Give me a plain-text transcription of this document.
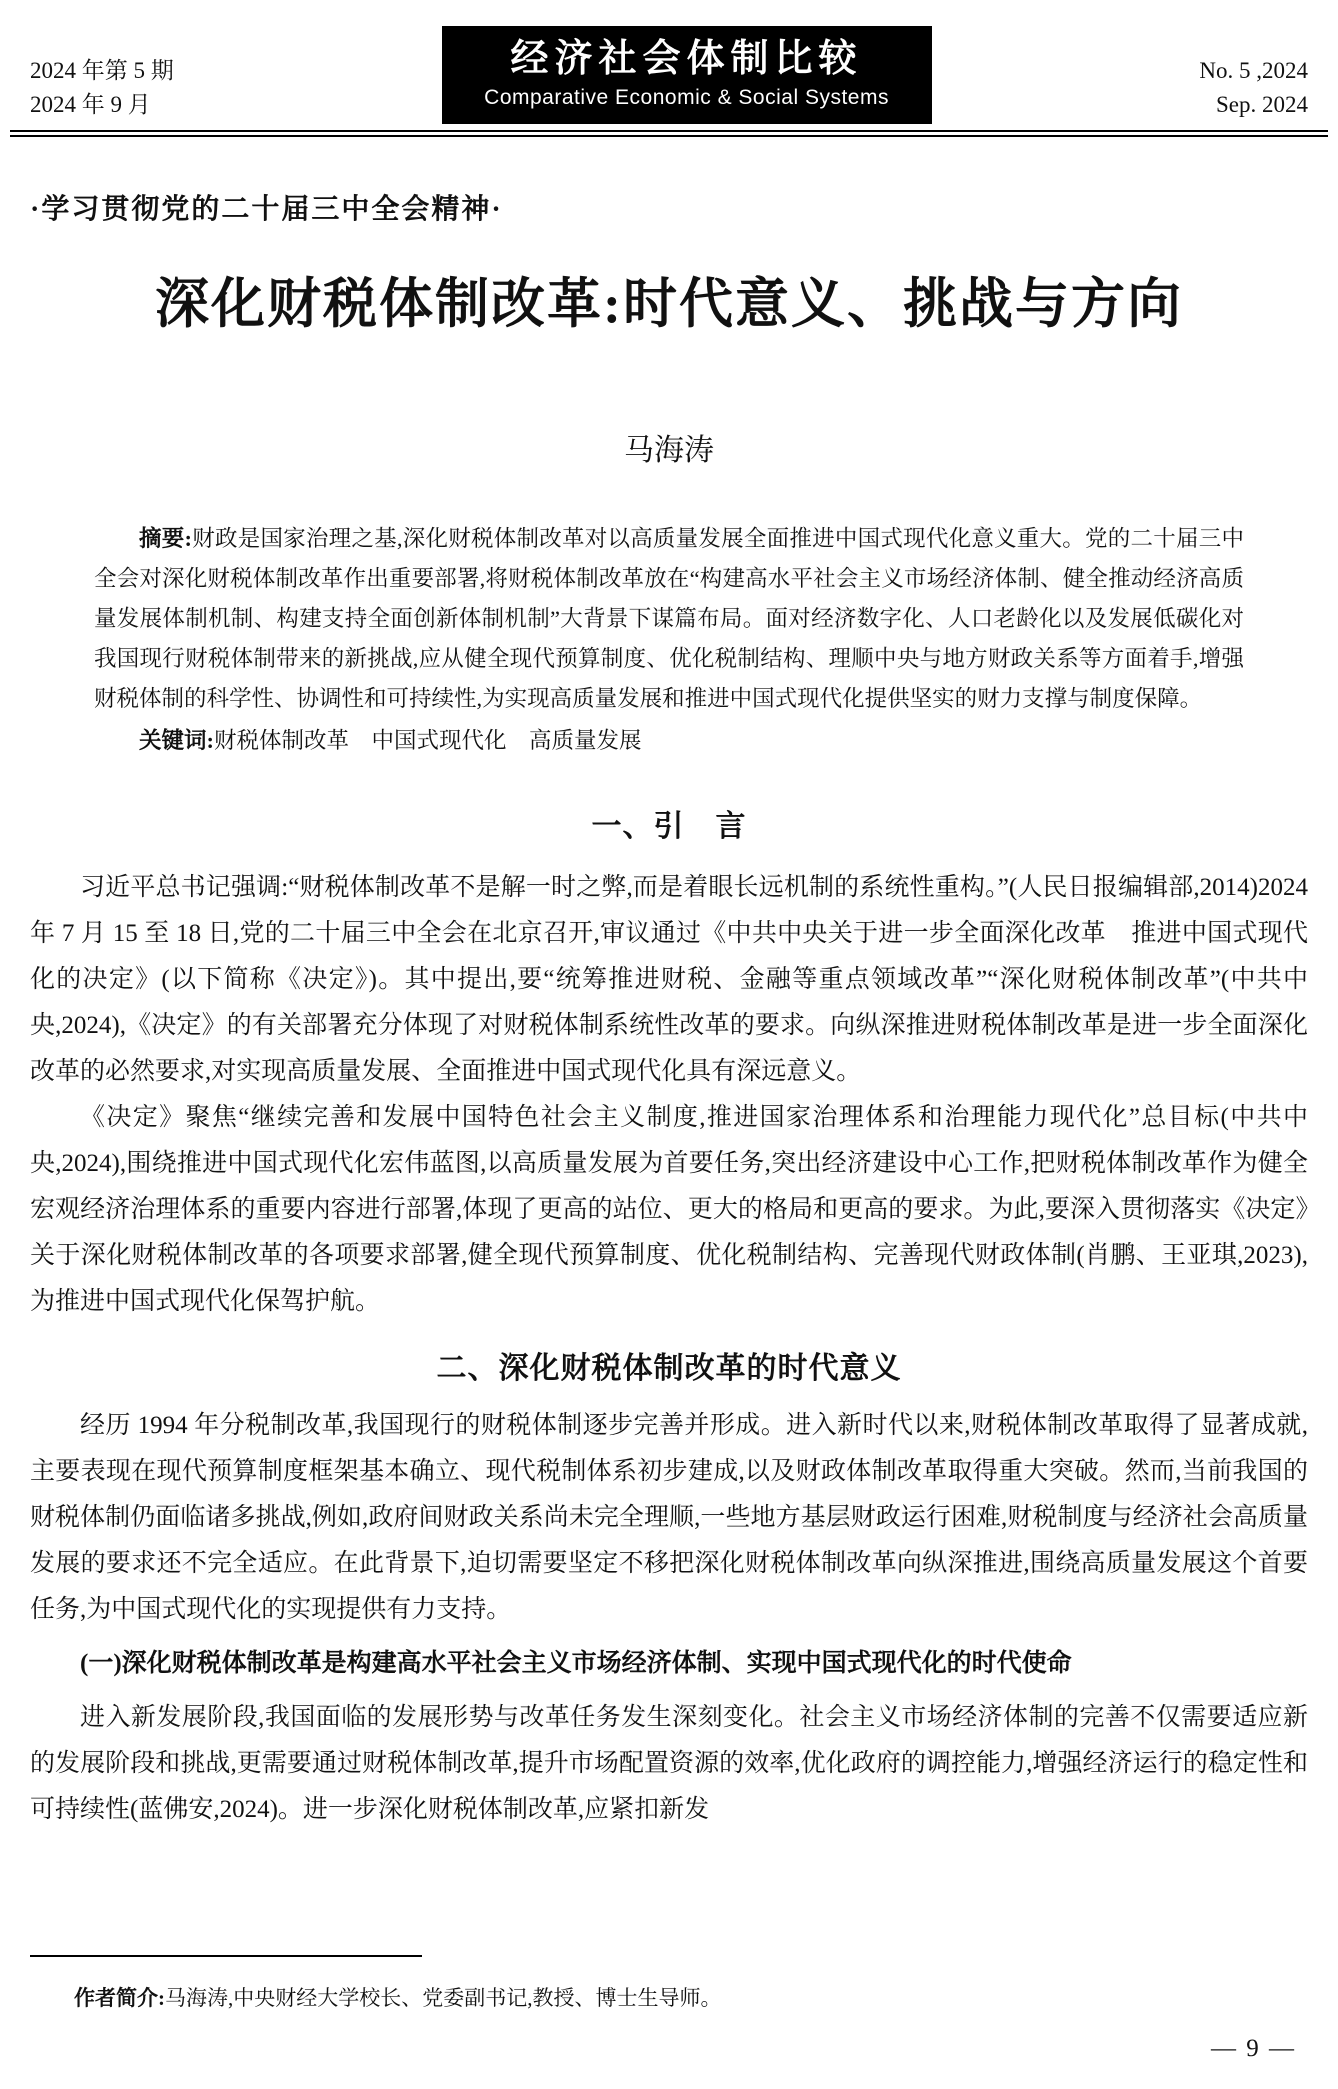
2024 年第 5 期
2024 年 9 月
经济社会体制比较
Comparative Economic & Social Systems
No. 5 ,2024
Sep. 2024
·学习贯彻党的二十届三中全会精神·
深化财税体制改革:时代意义、挑战与方向
马海涛

摘要:财政是国家治理之基,深化财税体制改革对以高质量发展全面推进中国式现代化意义重大。党的二十届三中全会对深化财税体制改革作出重要部署,将财税体制改革放在“构建高水平社会主义市场经济体制、健全推动经济高质量发展体制机制、构建支持全面创新体制机制”大背景下谋篇布局。面对经济数字化、人口老龄化以及发展低碳化对我国现行财税体制带来的新挑战,应从健全现代预算制度、优化税制结构、理顺中央与地方财政关系等方面着手,增强财税体制的科学性、协调性和可持续性,为实现高质量发展和推进中国式现代化提供坚实的财力支撑与制度保障。

关键词:财税体制改革　中国式现代化　高质量发展

一、引　言

习近平总书记强调:“财税体制改革不是解一时之弊,而是着眼长远机制的系统性重构。”(人民日报编辑部,2014)2024 年 7 月 15 至 18 日,党的二十届三中全会在北京召开,审议通过《中共中央关于进一步全面深化改革　推进中国式现代化的决定》(以下简称《决定》)。其中提出,要“统筹推进财税、金融等重点领域改革”“深化财税体制改革”(中共中央,2024),《决定》的有关部署充分体现了对财税体制系统性改革的要求。向纵深推进财税体制改革是进一步全面深化改革的必然要求,对实现高质量发展、全面推进中国式现代化具有深远意义。

《决定》聚焦“继续完善和发展中国特色社会主义制度,推进国家治理体系和治理能力现代化”总目标(中共中央,2024),围绕推进中国式现代化宏伟蓝图,以高质量发展为首要任务,突出经济建设中心工作,把财税体制改革作为健全宏观经济治理体系的重要内容进行部署,体现了更高的站位、更大的格局和更高的要求。为此,要深入贯彻落实《决定》关于深化财税体制改革的各项要求部署,健全现代预算制度、优化税制结构、完善现代财政体制(肖鹏、王亚琪,2023),为推进中国式现代化保驾护航。

二、深化财税体制改革的时代意义

经历 1994 年分税制改革,我国现行的财税体制逐步完善并形成。进入新时代以来,财税体制改革取得了显著成就,主要表现在现代预算制度框架基本确立、现代税制体系初步建成,以及财政体制改革取得重大突破。然而,当前我国的财税体制仍面临诸多挑战,例如,政府间财政关系尚未完全理顺,一些地方基层财政运行困难,财税制度与经济社会高质量发展的要求还不完全适应。在此背景下,迫切需要坚定不移把深化财税体制改革向纵深推进,围绕高质量发展这个首要任务,为中国式现代化的实现提供有力支持。

(一)深化财税体制改革是构建高水平社会主义市场经济体制、实现中国式现代化的时代使命

进入新发展阶段,我国面临的发展形势与改革任务发生深刻变化。社会主义市场经济体制的完善不仅需要适应新的发展阶段和挑战,更需要通过财税体制改革,提升市场配置资源的效率,优化政府的调控能力,增强经济运行的稳定性和可持续性(蓝佛安,2024)。进一步深化财税体制改革,应紧扣新发

作者简介:马海涛,中央财经大学校长、党委副书记,教授、博士生导师。

— 9 —
